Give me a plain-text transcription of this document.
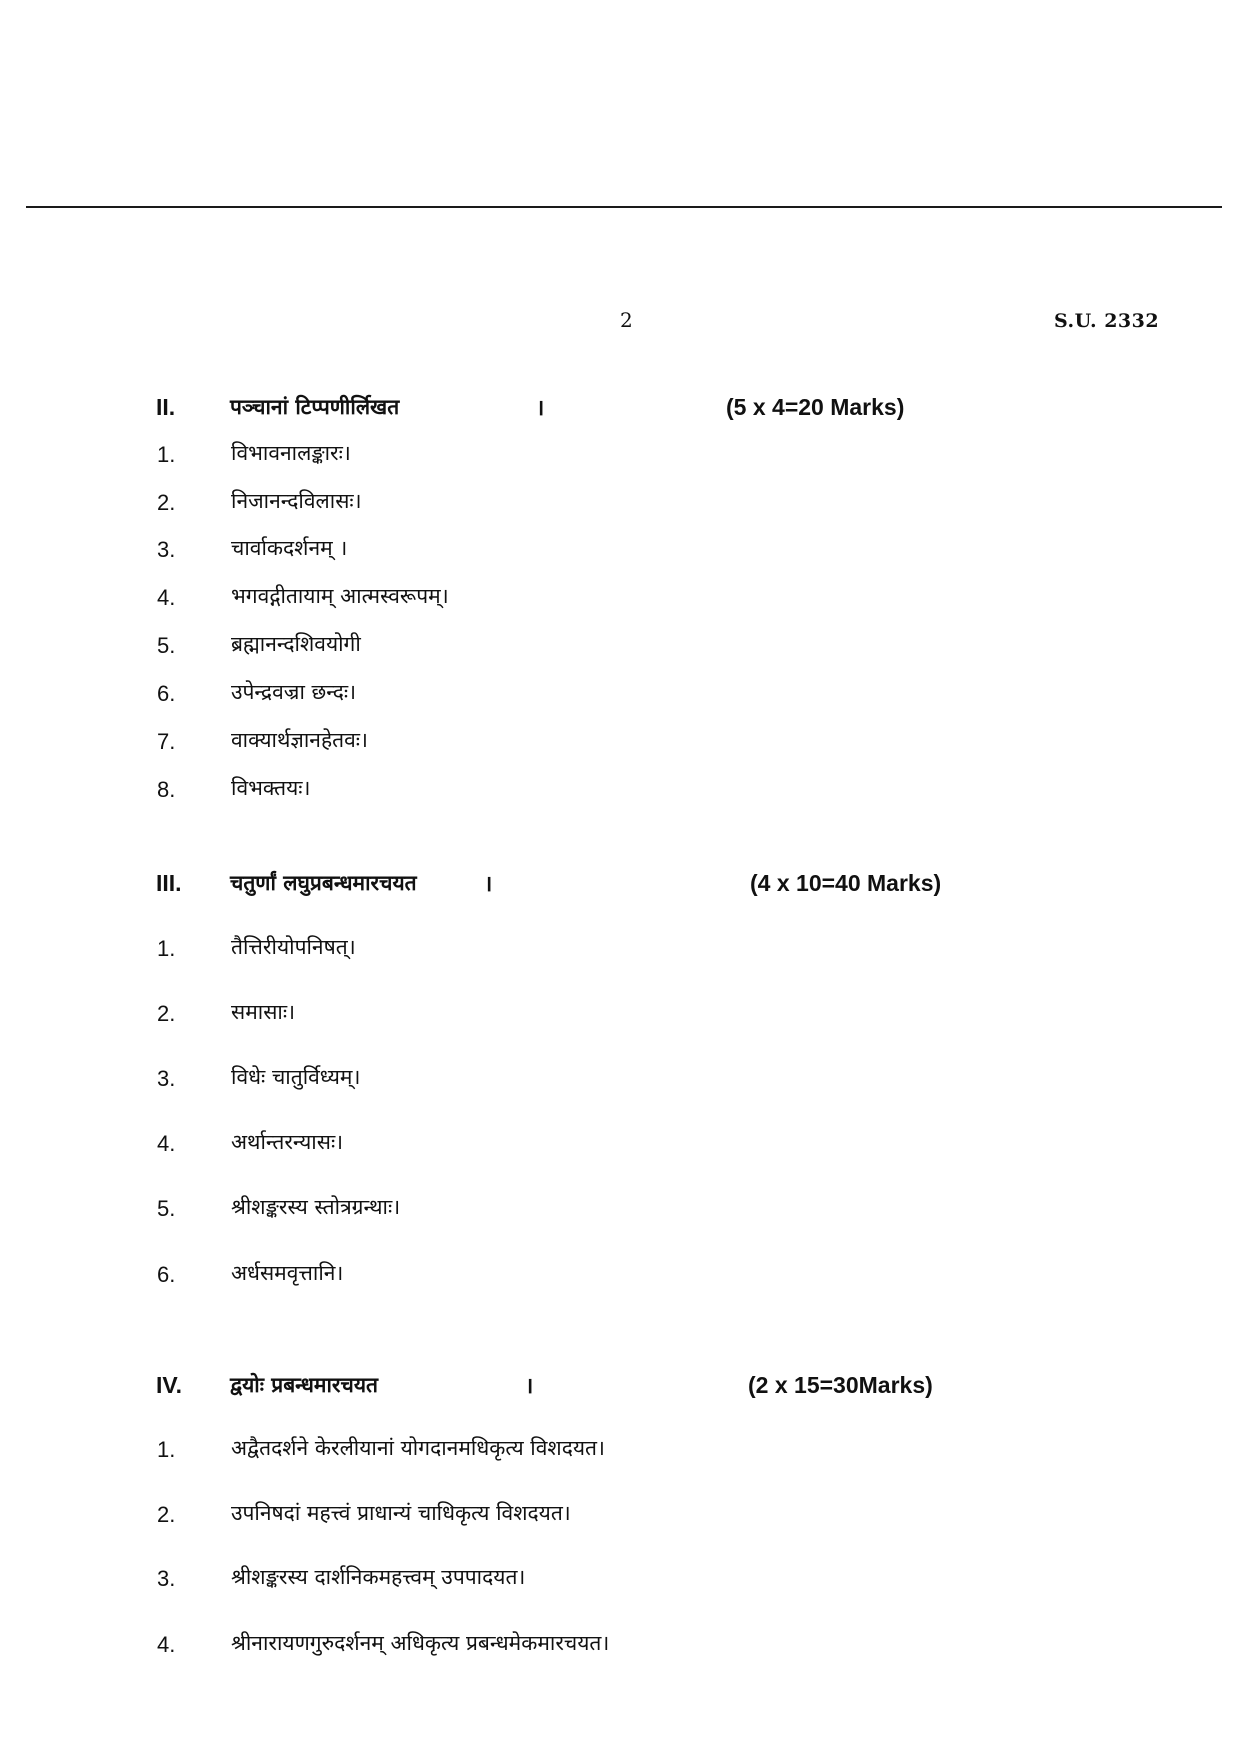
2	S.U. 2332
II.	पञ्चानां टिप्पणीर्लिखत	।	(5 x 4=20 Marks)
1.	विभावनालङ्कारः।
2.	निजानन्दविलासः।
3.	चार्वाकदर्शनम् ।
4.	भगवद्गीतायाम् आत्मस्वरूपम्।
5.	ब्रह्मानन्दशिवयोगी
6.	उपेन्द्रवज्रा छन्दः।
7.	वाक्यार्थज्ञानहेतवः।
8.	विभक्तयः।
III. चतुर्णां लघुप्रबन्धमारचयत	।	(4 x 10=40 Marks)
1.	तैत्तिरीयोपनिषत्।
2.	समासाः।
3.	विधेः चातुर्विध्यम्।
4.	अर्थान्तरन्यासः।
5.	श्रीशङ्करस्य स्तोत्रग्रन्थाः।
6.	अर्धसमवृत्तानि।
IV. द्वयोः प्रबन्धमारचयत	।	(2 x 15=30Marks)
1.	अद्वैतदर्शने केरलीयानां योगदानमधिकृत्य विशदयत।
2.	उपनिषदां महत्त्वं प्राधान्यं चाधिकृत्य विशदयत।
3.	श्रीशङ्करस्य दार्शनिकमहत्त्वम् उपपादयत।
4.	श्रीनारायणगुरुदर्शनम् अधिकृत्य प्रबन्धमेकमारचयत।
